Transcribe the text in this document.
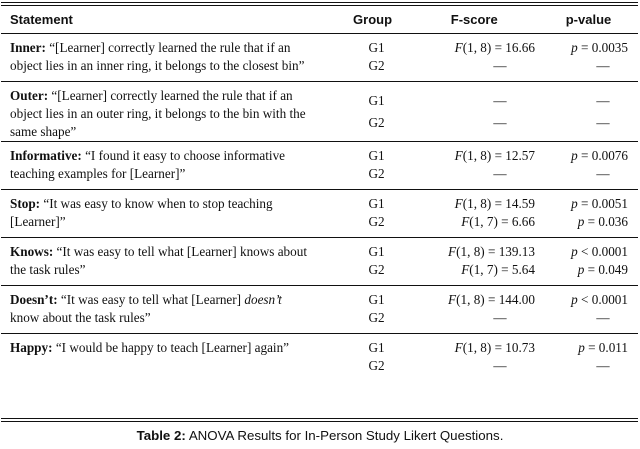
Statement	Group	F-score	p-value
Inner: “[Learner] correctly learned the rule that if an
object lies in an inner ring, it belongs to the closest bin”	G1	F(1, 8) = 16.66	p = 0.0035
	G2	—	—
Outer: “[Learner] correctly learned the rule that if an
object lies in an outer ring, it belongs to the bin with the
same shape”	G1	—	—
	G2	—	—
Informative: “I found it easy to choose informative
teaching examples for [Learner]”	G1	F(1, 8) = 12.57	p = 0.0076
	G2	—	—
Stop: “It was easy to know when to stop teaching
[Learner]”	G1	F(1, 8) = 14.59	p = 0.0051
	G2	F(1, 7) = 6.66	p = 0.036
Knows: “It was easy to tell what [Learner] knows about
the task rules”	G1	F(1, 8) = 139.13	p < 0.0001
	G2	F(1, 7) = 5.64	p = 0.049
Doesn’t: “It was easy to tell what [Learner] doesn’t
know about the task rules”	G1	F(1, 8) = 144.00	p < 0.0001
	G2	—	—
Happy: “I would be happy to teach [Learner] again”	G1	F(1, 8) = 10.73	p = 0.011
	G2	—	—
Table 2: ANOVA Results for In-Person Study Likert Questions.
